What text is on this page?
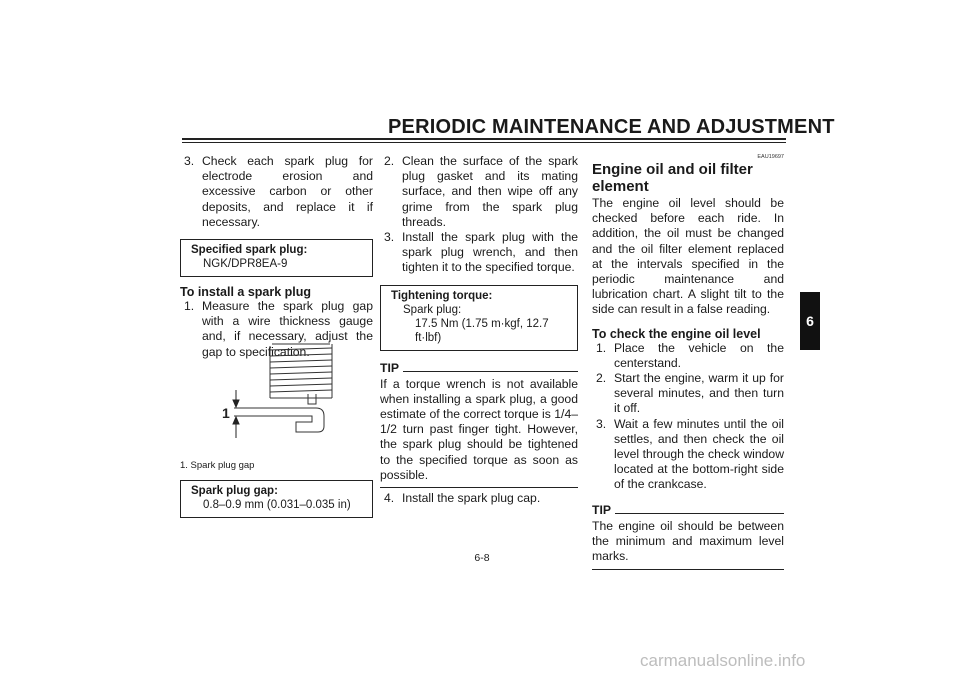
PERIODIC MAINTENANCE AND ADJUSTMENT
3. Check each spark plug for electrode erosion and excessive carbon or other deposits, and replace it if necessary.
Specified spark plug:
NGK/DPR8EA-9
To install a spark plug
1. Measure the spark plug gap with a wire thickness gauge and, if necessary, adjust the gap to specification.
1
1. Spark plug gap
Spark plug gap:
0.8–0.9 mm (0.031–0.035 in)
2. Clean the surface of the spark plug gasket and its mating surface, and then wipe off any grime from the spark plug threads.
3. Install the spark plug with the spark plug wrench, and then tighten it to the specified torque.
Tightening torque:
Spark plug:
17.5 Nm (1.75 m·kgf, 12.7 ft·lbf)
TIP
If a torque wrench is not available when installing a spark plug, a good estimate of the correct torque is 1/4–1/2 turn past finger tight. However, the spark plug should be tightened to the specified torque as soon as possible.
4. Install the spark plug cap.
EAU19697
Engine oil and oil filter element
The engine oil level should be checked before each ride. In addition, the oil must be changed and the oil filter element replaced at the intervals specified in the periodic maintenance and lubrication chart. A slight tilt to the side can result in a false reading.
To check the engine oil level
1. Place the vehicle on the centerstand.
2. Start the engine, warm it up for several minutes, and then turn it off.
3. Wait a few minutes until the oil settles, and then check the oil level through the check window located at the bottom-right side of the crankcase.
TIP
The engine oil should be between the minimum and maximum level marks.
6
6-8
carmanualsonline.info
